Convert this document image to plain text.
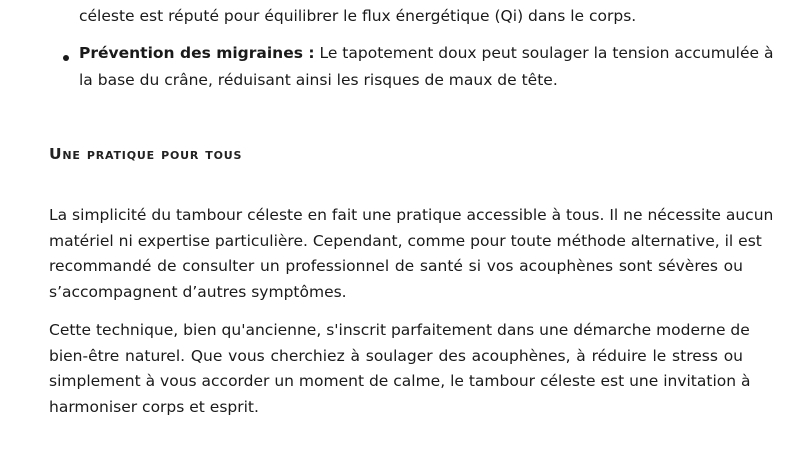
céleste est réputé pour équilibrer le flux énergétique (Qi) dans le corps.
Prévention des migraines : Le tapotement doux peut soulager la tension accumulée à
la base du crâne, réduisant ainsi les risques de maux de tête.
Une pratique pour tous
La simplicité du tambour céleste en fait une pratique accessible à tous. Il ne nécessite aucun
matériel ni expertise particulière. Cependant, comme pour toute méthode alternative, il est
recommandé de consulter un professionnel de santé si vos acouphènes sont sévères ou
s’accompagnent d’autres symptômes.
Cette technique, bien qu'ancienne, s'inscrit parfaitement dans une démarche moderne de
bien-être naturel. Que vous cherchiez à soulager des acouphènes, à réduire le stress ou
simplement à vous accorder un moment de calme, le tambour céleste est une invitation à
harmoniser corps et esprit.
